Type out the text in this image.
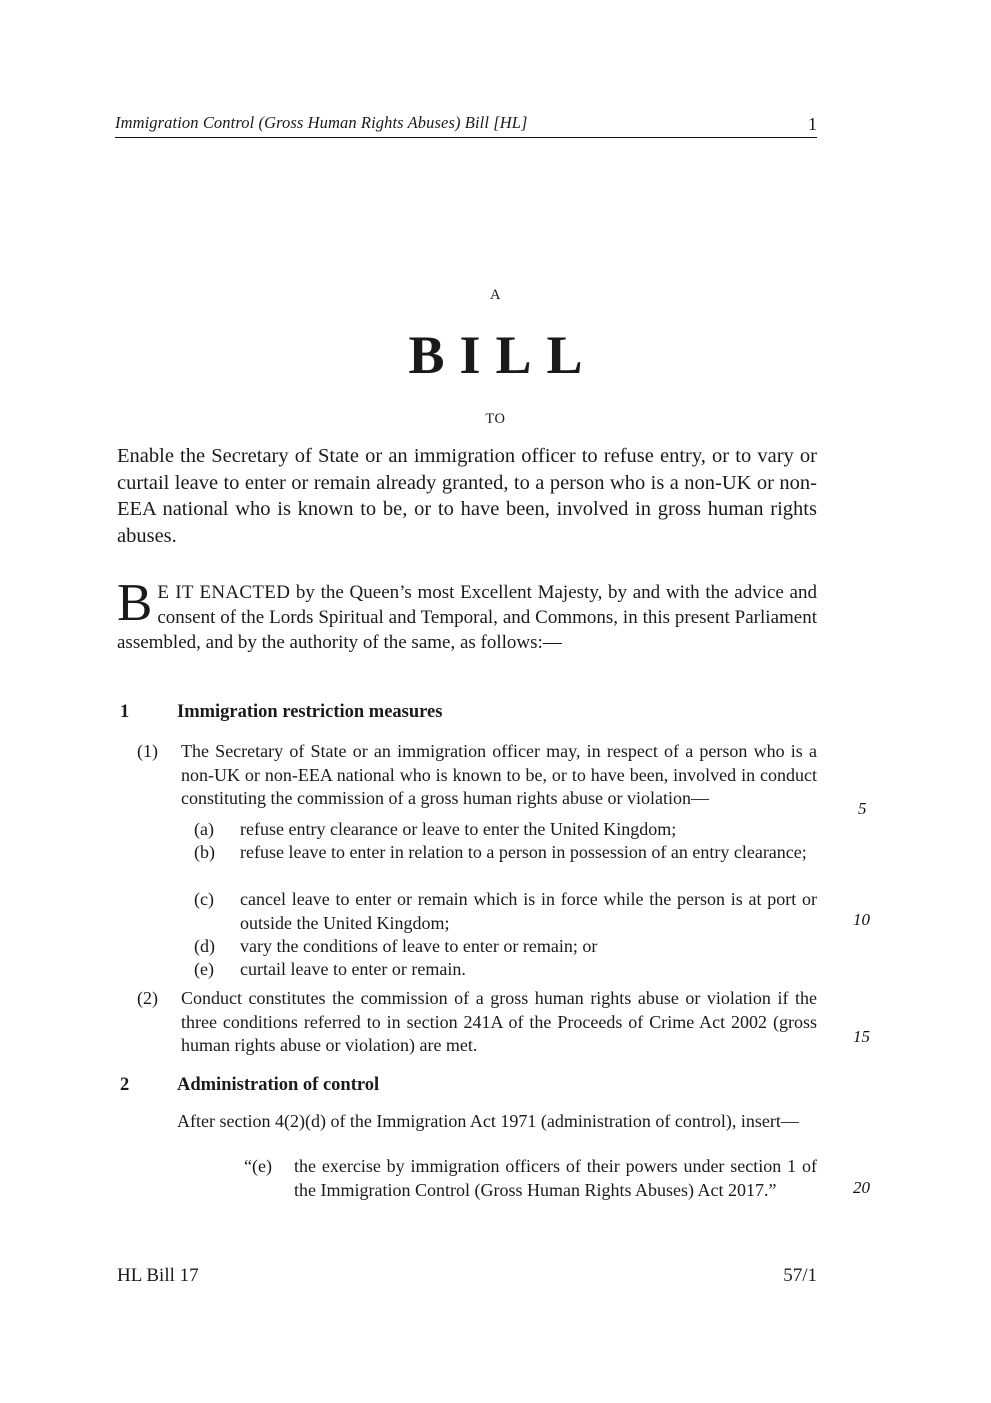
Immigration Control (Gross Human Rights Abuses) Bill [HL]	1
A
BILL
TO
Enable the Secretary of State or an immigration officer to refuse entry, or to vary or curtail leave to enter or remain already granted, to a person who is a non-UK or non-EEA national who is known to be, or to have been, involved in gross human rights abuses.
B E IT ENACTED by the Queen’s most Excellent Majesty, by and with the advice and consent of the Lords Spiritual and Temporal, and Commons, in this present Parliament assembled, and by the authority of the same, as follows:—
1	Immigration restriction measures
(1)	The Secretary of State or an immigration officer may, in respect of a person who is a non-UK or non-EEA national who is known to be, or to have been, involved in conduct constituting the commission of a gross human rights abuse or violation—
(a)	refuse entry clearance or leave to enter the United Kingdom;
(b)	refuse leave to enter in relation to a person in possession of an entry clearance;
(c)	cancel leave to enter or remain which is in force while the person is at port or outside the United Kingdom;
(d)	vary the conditions of leave to enter or remain; or
(e)	curtail leave to enter or remain.
(2)	Conduct constitutes the commission of a gross human rights abuse or violation if the three conditions referred to in section 241A of the Proceeds of Crime Act 2002 (gross human rights abuse or violation) are met.
2	Administration of control
After section 4(2)(d) of the Immigration Act 1971 (administration of control), insert—
“(e)	the exercise by immigration officers of their powers under section 1 of the Immigration Control (Gross Human Rights Abuses) Act 2017.”
5
10
15
20
HL Bill 17	57/1
